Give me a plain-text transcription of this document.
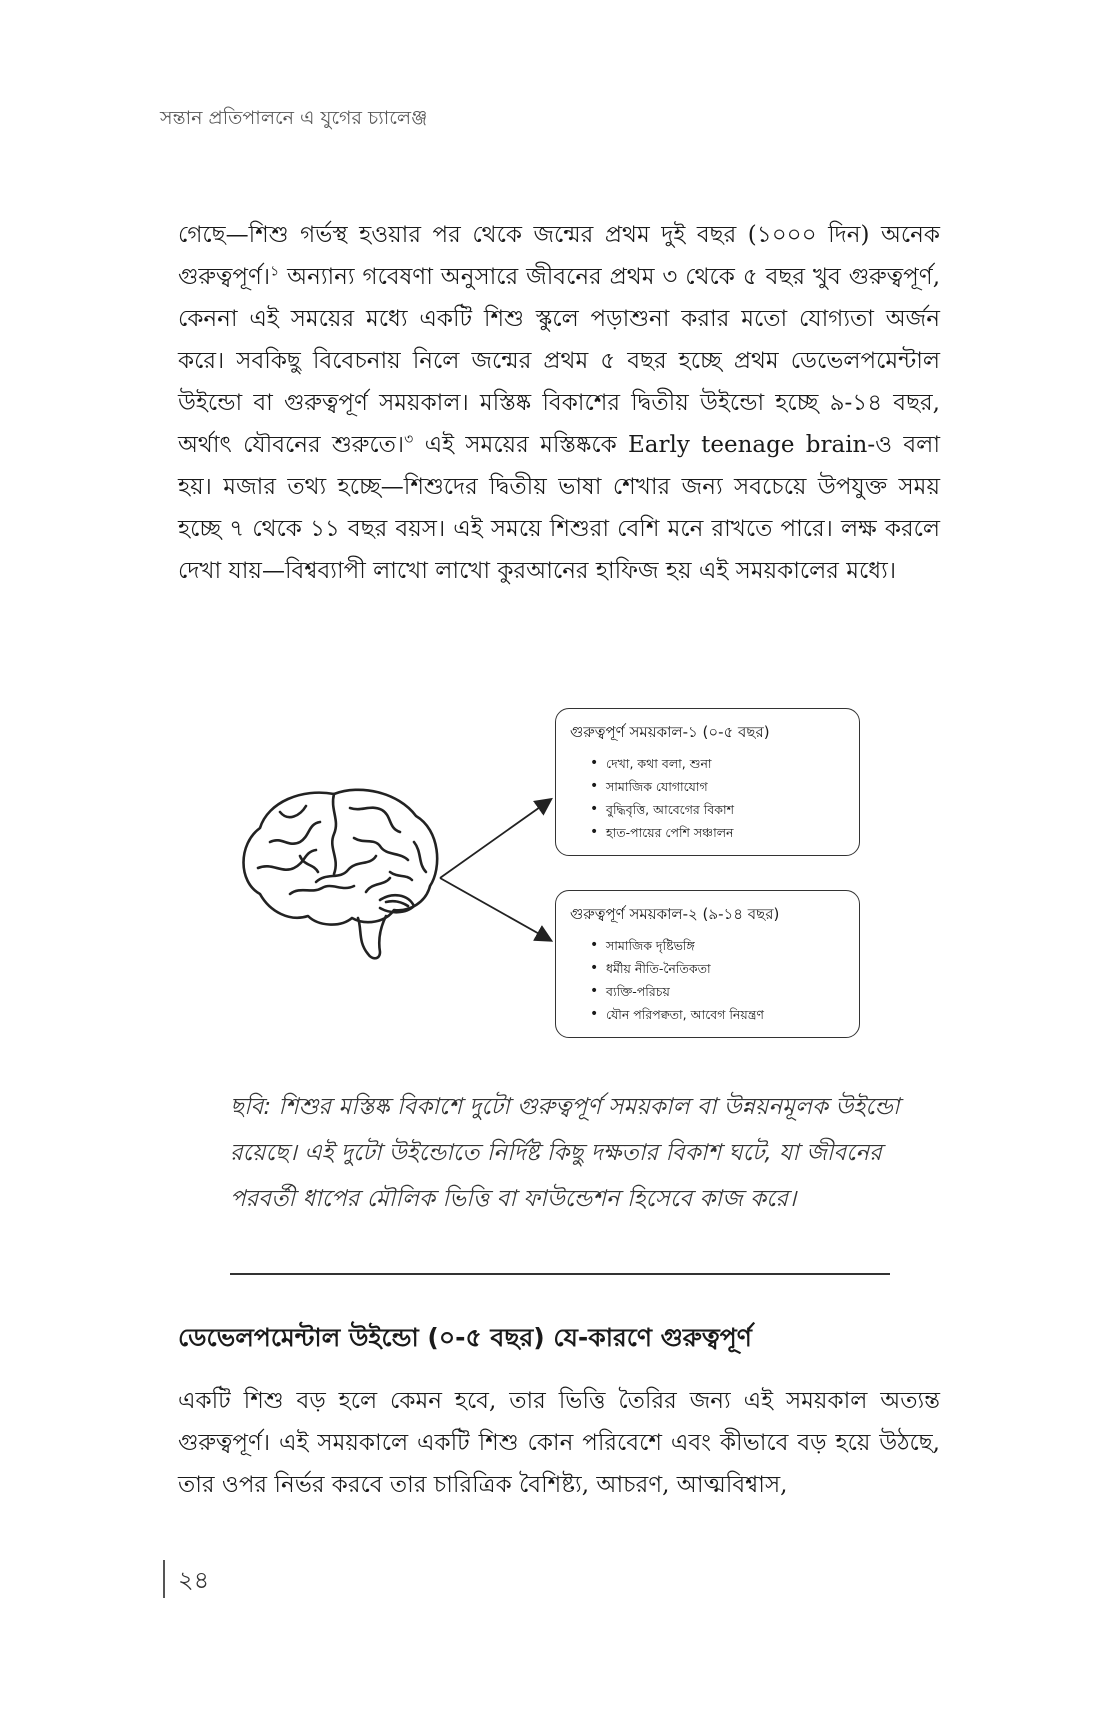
সন্তান প্রতিপালনে এ যুগের চ্যালেঞ্জ

গেছে—শিশু গর্ভস্থ হওয়ার পর থেকে জন্মের প্রথম দুই বছর (১০০০ দিন) অনেক গুরুত্বপূর্ণ।$^১$ অন্যান্য গবেষণা অনুসারে জীবনের প্রথম ৩ থেকে ৫ বছর খুব গুরুত্বপূর্ণ, কেননা এই সময়ের মধ্যে একটি শিশু স্কুলে পড়াশুনা করার মতো যোগ্যতা অর্জন করে। সবকিছু বিবেচনায় নিলে জন্মের প্রথম ৫ বছর হচ্ছে প্রথম ডেভেলপমেন্টাল উইন্ডো বা গুরুত্বপূর্ণ সময়কাল। মস্তিষ্ক বিকাশের দ্বিতীয় উইন্ডো হচ্ছে ৯-১৪ বছর, অর্থাৎ যৌবনের শুরুতে।$^৩$ এই সময়ের মস্তিষ্ককে Early teenage brain-ও বলা হয়। মজার তথ্য হচ্ছে—শিশুদের দ্বিতীয় ভাষা শেখার জন্য সবচেয়ে উপযুক্ত সময় হচ্ছে ৭ থেকে ১১ বছর বয়স। এই সময়ে শিশুরা বেশি মনে রাখতে পারে। লক্ষ করলে দেখা যায়—বিশ্বব্যাপী লাখো লাখো কুরআনের হাফিজ হয় এই সময়কালের মধ্যে।

গুরুত্বপূর্ণ সময়কাল-১ (০-৫ বছর)
• দেখা, কথা বলা, শুনা
• সামাজিক যোগাযোগ
• বুদ্ধিবৃত্তি, আবেগের বিকাশ
• হাত-পায়ের পেশি সঞ্চালন
গুরুত্বপূর্ণ সময়কাল-২ (৯-১৪ বছর)
• সামাজিক দৃষ্টিভঙ্গি
• ধর্মীয় নীতি-নৈতিকতা
• ব্যক্তি-পরিচয়
• যৌন পরিপক্বতা, আবেগ নিয়ন্ত্রণ

ছবি: শিশুর মস্তিষ্ক বিকাশে দুটো গুরুত্বপূর্ণ সময়কাল বা উন্নয়নমূলক উইন্ডো রয়েছে। এই দুটো উইন্ডোতে নির্দিষ্ট কিছু দক্ষতার বিকাশ ঘটে, যা জীবনের পরবর্তী ধাপের মৌলিক ভিত্তি বা ফাউন্ডেশন হিসেবে কাজ করে।

ডেভেলপমেন্টাল উইন্ডো (০-৫ বছর) যে-কারণে গুরুত্বপূর্ণ

একটি শিশু বড় হলে কেমন হবে, তার ভিত্তি তৈরির জন্য এই সময়কাল অত্যন্ত গুরুত্বপূর্ণ। এই সময়কালে একটি শিশু কোন পরিবেশে এবং কীভাবে বড় হয়ে উঠছে, তার ওপর নির্ভর করবে তার চারিত্রিক বৈশিষ্ট্য, আচরণ, আত্মবিশ্বাস,

২৪
